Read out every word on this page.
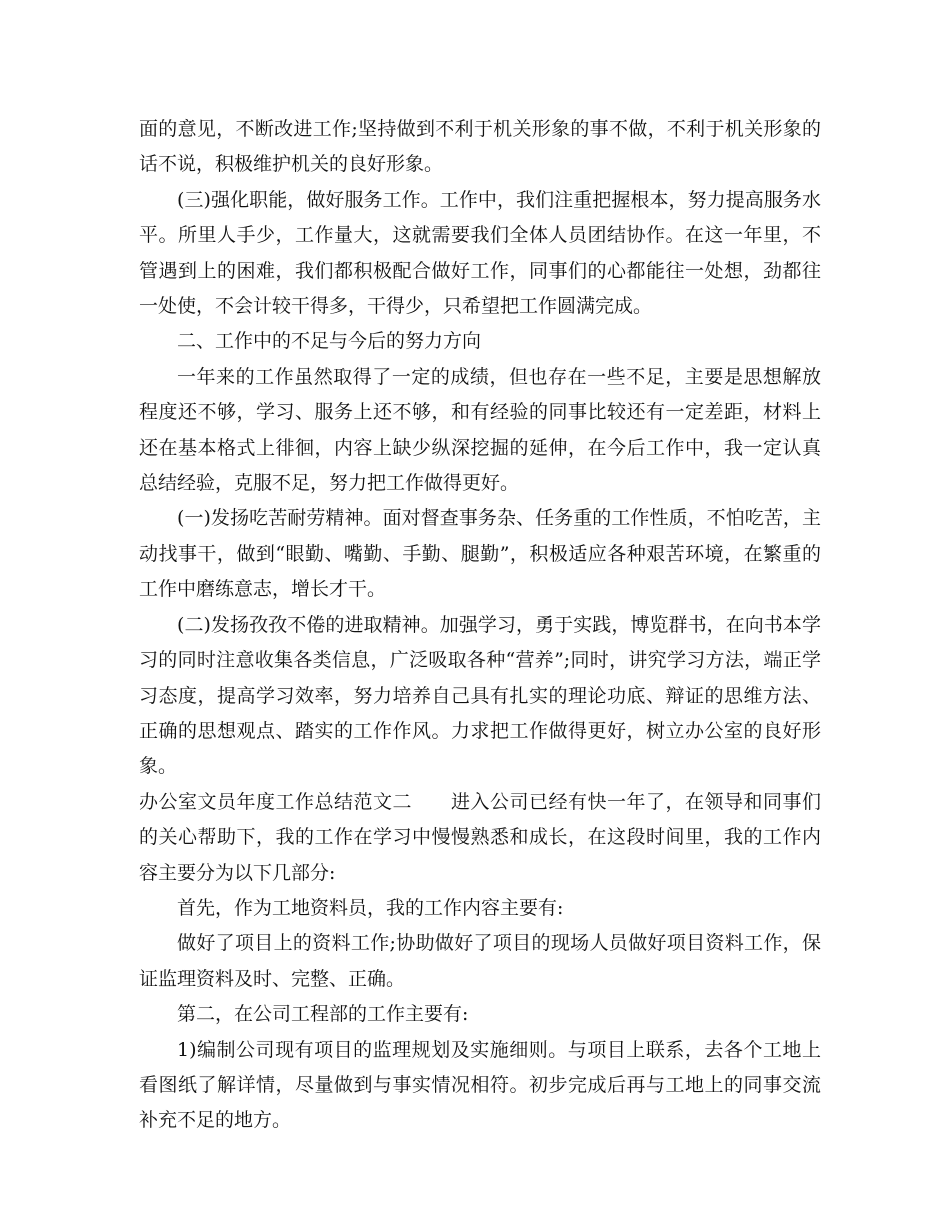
面的意见，不断改进工作;坚持做到不利于机关形象的事不做，不利于机关形象的话不说，积极维护机关的良好形象。

(三)强化职能，做好服务工作。工作中，我们注重把握根本，努力提高服务水平。所里人手少，工作量大，这就需要我们全体人员团结协作。在这一年里，不管遇到上的困难，我们都积极配合做好工作，同事们的心都能往一处想，劲都往一处使，不会计较干得多，干得少，只希望把工作圆满完成。

二、工作中的不足与今后的努力方向

一年来的工作虽然取得了一定的成绩，但也存在一些不足，主要是思想解放程度还不够，学习、服务上还不够，和有经验的同事比较还有一定差距，材料上还在基本格式上徘徊，内容上缺少纵深挖掘的延伸，在今后工作中，我一定认真总结经验，克服不足，努力把工作做得更好。

(一)发扬吃苦耐劳精神。面对督查事务杂、任务重的工作性质，不怕吃苦，主动找事干，做到“眼勤、嘴勤、手勤、腿勤”，积极适应各种艰苦环境，在繁重的工作中磨练意志，增长才干。

(二)发扬孜孜不倦的进取精神。加强学习，勇于实践，博览群书，在向书本学习的同时注意收集各类信息，广泛吸取各种“营养”;同时，讲究学习方法，端正学习态度，提高学习效率，努力培养自己具有扎实的理论功底、辩证的思维方法、正确的思想观点、踏实的工作作风。力求把工作做得更好，树立办公室的良好形象。

办公室文员年度工作总结范文二　　进入公司已经有快一年了，在领导和同事们的关心帮助下，我的工作在学习中慢慢熟悉和成长，在这段时间里，我的工作内容主要分为以下几部分:

首先，作为工地资料员，我的工作内容主要有:

做好了项目上的资料工作;协助做好了项目的现场人员做好项目资料工作，保证监理资料及时、完整、正确。

第二，在公司工程部的工作主要有:

1)编制公司现有项目的监理规划及实施细则。与项目上联系，去各个工地上看图纸了解详情，尽量做到与事实情况相符。初步完成后再与工地上的同事交流补充不足的地方。
